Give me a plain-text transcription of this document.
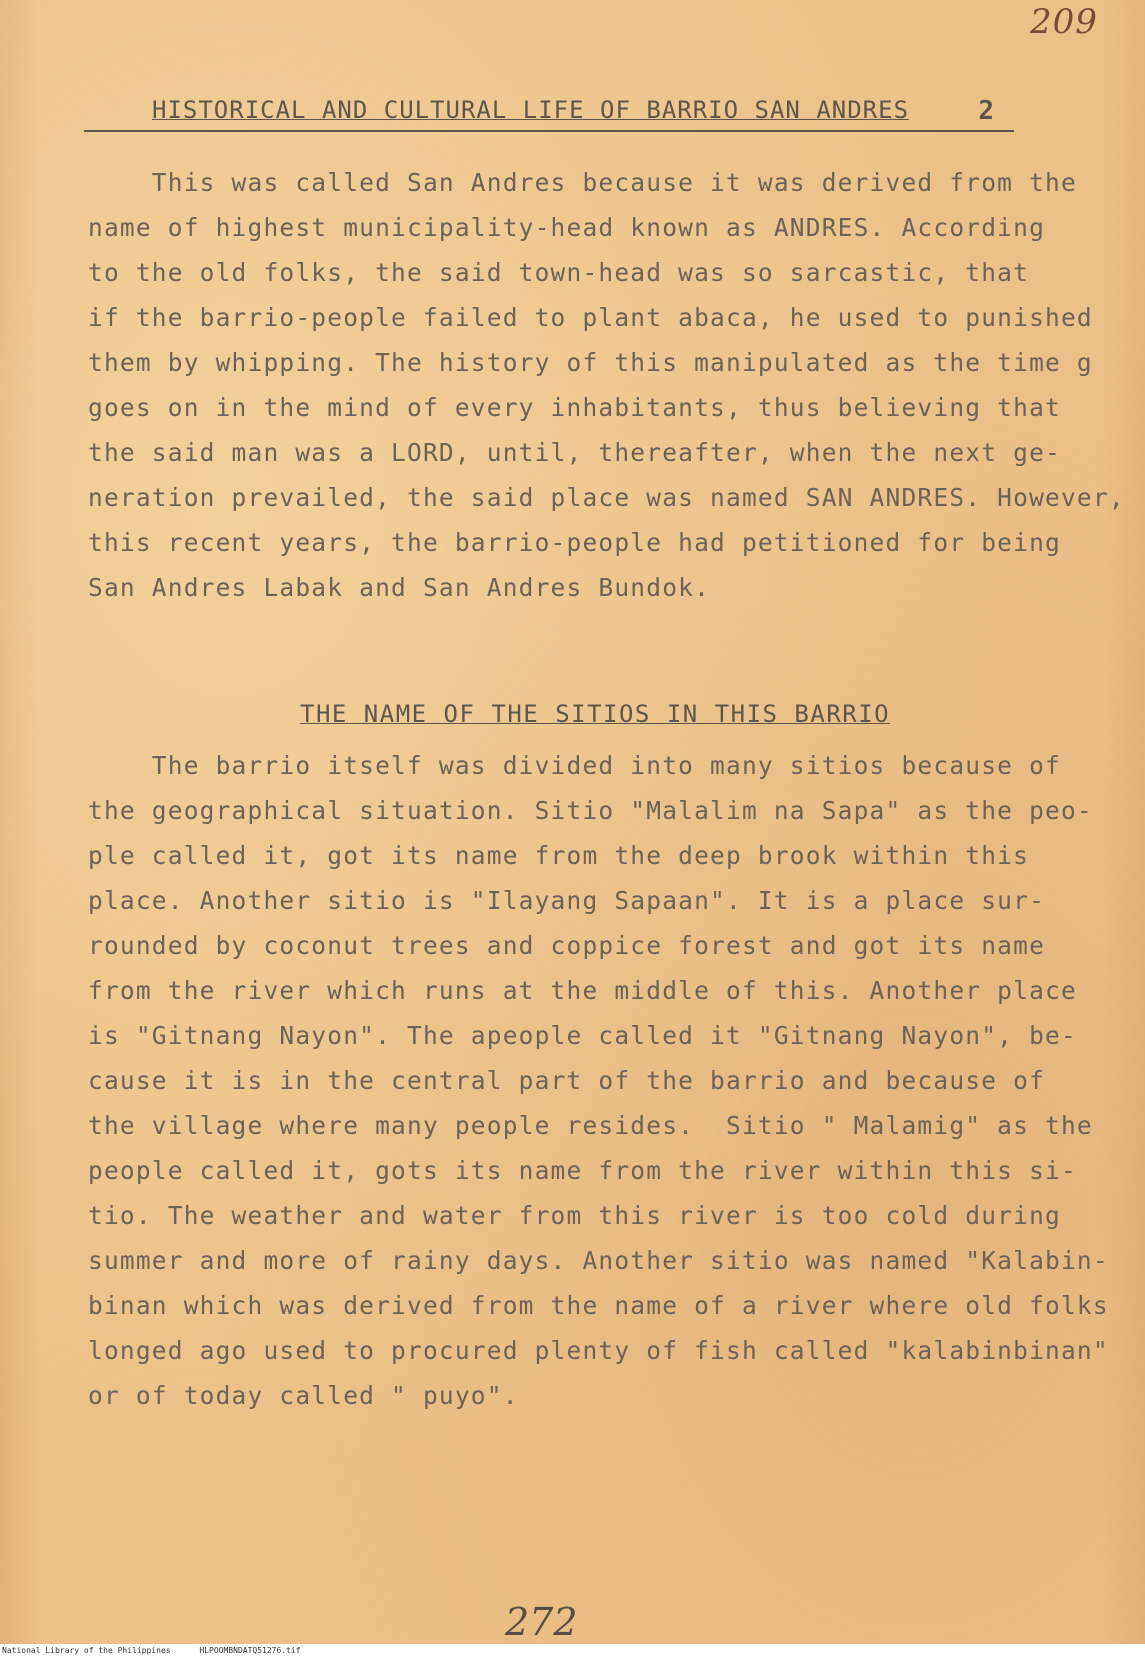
209
HISTORICAL AND CULTURAL LIFE OF BARRIO SAN ANDRES	2
This was called San Andres because it was derived from the
name of highest municipality-head known as ANDRES. According
to the old folks, the said town-head was so sarcastic, that
if the barrio-people failed to plant abaca, he used to punished
them by whipping. The history of this manipulated as the time g
goes on in the mind of every inhabitants, thus believing that
the said man was a LORD, until, thereafter, when the next ge-
neration prevailed, the said place was named SAN ANDRES. However,
this recent years, the barrio-people had petitioned for being
San Andres Labak and San Andres Bundok.
THE NAME OF THE SITIOS IN THIS BARRIO
The barrio itself was divided into many sitios because of
the geographical situation. Sitio "Malalim na Sapa" as the peo-
ple called it, got its name from the deep brook within this
place. Another sitio is "Ilayang Sapaan". It is a place sur-
rounded by coconut trees and coppice forest and got its name
from the river which runs at the middle of this. Another place
is "Gitnang Nayon". The apeople called it "Gitnang Nayon", be-
cause it is in the central part of the barrio and because of
the village where many people resides.  Sitio " Malamig" as the
people called it, gots its name from the river within this si-
tio. The weather and water from this river is too cold during
summer and more of rainy days. Another sitio was named "Kalabin-
binan which was derived from the name of a river where old folks
longed ago used to procured plenty of fish called "kalabinbinan"
or of today called " puyo".
272
National Library of the Philippines	HLPOOMBNDATQ51276.tif
